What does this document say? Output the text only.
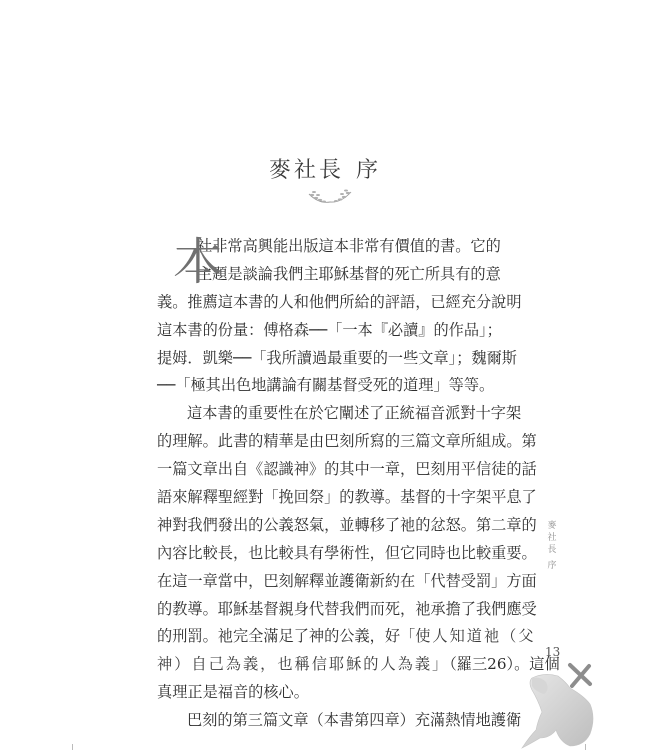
麥社長 序
本
社非常高興能出版這本非常有價值的書。它的
主題是談論我們主耶穌基督的死亡所具有的意
義。推薦這本書的人和他們所給的評語，已經充分說明
這本書的份量：傅格森──「一本『必讀』的作品」；
提姆．凱樂──「我所讀過最重要的一些文章」；魏爾斯
──「極其出色地講論有關基督受死的道理」等等。
這本書的重要性在於它闡述了正統福音派對十字架
的理解。此書的精華是由巴刻所寫的三篇文章所組成。第
一篇文章出自《認識神》的其中一章，巴刻用平信徒的話
語來解釋聖經對「挽回祭」的教導。基督的十字架平息了
神對我們發出的公義怒氣，並轉移了祂的忿怒。第二章的
內容比較長，也比較具有學術性，但它同時也比較重要。
在這一章當中，巴刻解釋並護衛新約在「代替受罰」方面
的教導。耶穌基督親身代替我們而死，祂承擔了我們應受
的刑罰。祂完全滿足了神的公義，好「使人知道祂（父
神）自己為義，也稱信耶穌的人為義」（羅三26）。這個
真理正是福音的核心。
巴刻的第三篇文章（本書第四章）充滿熱情地護衛
麥
社
長
序
13
